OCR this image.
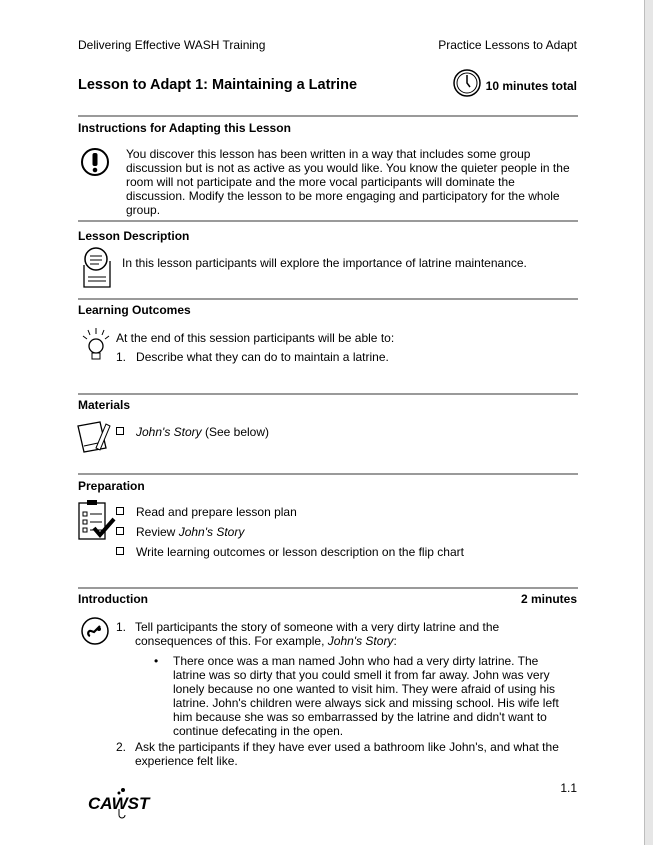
Delivering Effective WASH Training	Practice Lessons to Adapt
Lesson to Adapt 1: Maintaining a Latrine	10 minutes total
Instructions for Adapting this Lesson
You discover this lesson has been written in a way that includes some group discussion but is not as active as you would like. You know the quieter people in the room will not participate and the more vocal participants will dominate the discussion. Modify the lesson to be more engaging and participatory for the whole group.
Lesson Description
In this lesson participants will explore the importance of latrine maintenance.
Learning Outcomes
At the end of this session participants will be able to:
1. Describe what they can do to maintain a latrine.
Materials
John's Story (See below)
Preparation
Read and prepare lesson plan
Review John's Story
Write learning outcomes or lesson description on the flip chart
Introduction	2 minutes
1. Tell participants the story of someone with a very dirty latrine and the consequences of this. For example, John's Story:
• There once was a man named John who had a very dirty latrine. The latrine was so dirty that you could smell it from far away. John was very lonely because no one wanted to visit him. They were afraid of using his latrine. John's children were always sick and missing school. His wife left him because she was so embarrassed by the latrine and didn't want to continue defecating in the open.
2. Ask the participants if they have ever used a bathroom like John's, and what the experience felt like.
1.1
CAWST
